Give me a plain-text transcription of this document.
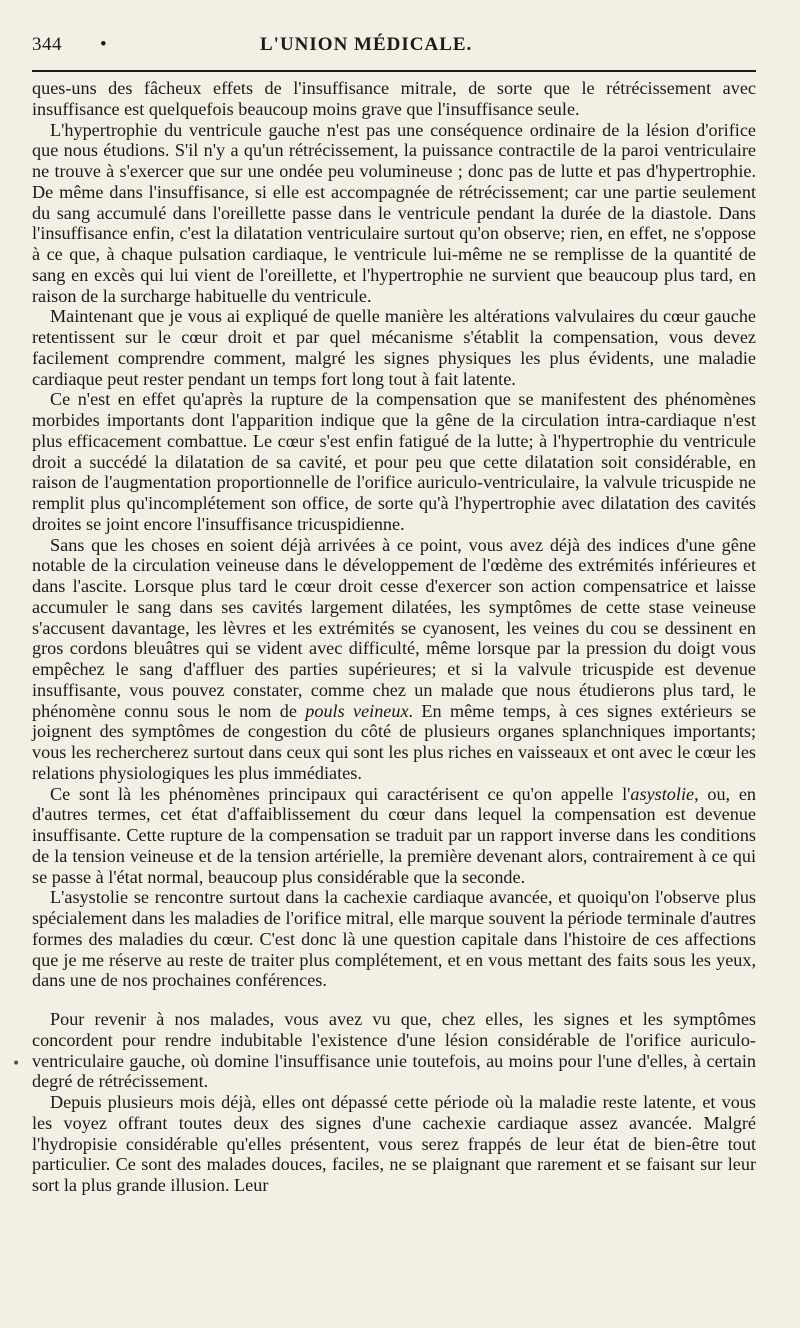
344	•	L'UNION MÉDICALE.

ques-uns des fâcheux effets de l'insuffisance mitrale, de sorte que le rétrécissement avec insuffisance est quelquefois beaucoup moins grave que l'insuffisance seule.

L'hypertrophie du ventricule gauche n'est pas une conséquence ordinaire de la lésion d'orifice que nous étudions. S'il n'y a qu'un rétrécissement, la puissance contractile de la paroi ventriculaire ne trouve à s'exercer que sur une ondée peu volumineuse ; donc pas de lutte et pas d'hypertrophie. De même dans l'insuffisance, si elle est accompagnée de rétrécissement; car une partie seulement du sang accumulé dans l'oreillette passe dans le ventricule pendant la durée de la diastole. Dans l'insuffisance enfin, c'est la dilatation ventriculaire surtout qu'on observe; rien, en effet, ne s'oppose à ce que, à chaque pulsation cardiaque, le ventricule lui-même ne se remplisse de la quantité de sang en excès qui lui vient de l'oreillette, et l'hypertrophie ne survient que beaucoup plus tard, en raison de la surcharge habituelle du ventricule.

Maintenant que je vous ai expliqué de quelle manière les altérations valvulaires du cœur gauche retentissent sur le cœur droit et par quel mécanisme s'établit la compensation, vous devez facilement comprendre comment, malgré les signes physiques les plus évidents, une maladie cardiaque peut rester pendant un temps fort long tout à fait latente.

Ce n'est en effet qu'après la rupture de la compensation que se manifestent des phénomènes morbides importants dont l'apparition indique que la gêne de la circulation intra-cardiaque n'est plus efficacement combattue. Le cœur s'est enfin fatigué de la lutte; à l'hypertrophie du ventricule droit a succédé la dilatation de sa cavité, et pour peu que cette dilatation soit considérable, en raison de l'augmentation proportionnelle de l'orifice auriculo-ventriculaire, la valvule tricuspide ne remplit plus qu'incomplétement son office, de sorte qu'à l'hypertrophie avec dilatation des cavités droites se joint encore l'insuffisance tricuspidienne.

Sans que les choses en soient déjà arrivées à ce point, vous avez déjà des indices d'une gêne notable de la circulation veineuse dans le développement de l'œdème des extrémités inférieures et dans l'ascite. Lorsque plus tard le cœur droit cesse d'exercer son action compensatrice et laisse accumuler le sang dans ses cavités largement dilatées, les symptômes de cette stase veineuse s'accusent davantage, les lèvres et les extrémités se cyanosent, les veines du cou se dessinent en gros cordons bleuâtres qui se vident avec difficulté, même lorsque par la pression du doigt vous empêchez le sang d'affluer des parties supérieures; et si la valvule tricuspide est devenue insuffisante, vous pouvez constater, comme chez un malade que nous étudierons plus tard, le phénomène connu sous le nom de pouls veineux. En même temps, à ces signes extérieurs se joignent des symptômes de congestion du côté de plusieurs organes splanchniques importants; vous les rechercherez surtout dans ceux qui sont les plus riches en vaisseaux et ont avec le cœur les relations physiologiques les plus immédiates.

Ce sont là les phénomènes principaux qui caractérisent ce qu'on appelle l'asystolie, ou, en d'autres termes, cet état d'affaiblissement du cœur dans lequel la compensation est devenue insuffisante. Cette rupture de la compensation se traduit par un rapport inverse dans les conditions de la tension veineuse et de la tension artérielle, la première devenant alors, contrairement à ce qui se passe à l'état normal, beaucoup plus considérable que la seconde.

L'asystolie se rencontre surtout dans la cachexie cardiaque avancée, et quoiqu'on l'observe plus spécialement dans les maladies de l'orifice mitral, elle marque souvent la période terminale d'autres formes des maladies du cœur. C'est donc là une question capitale dans l'histoire de ces affections que je me réserve au reste de traiter plus complétement, et en vous mettant des faits sous les yeux, dans une de nos prochaines conférences.

Pour revenir à nos malades, vous avez vu que, chez elles, les signes et les symptômes concordent pour rendre indubitable l'existence d'une lésion considérable de l'orifice auriculo-ventriculaire gauche, où domine l'insuffisance unie toutefois, au moins pour l'une d'elles, à certain degré de rétrécissement.

Depuis plusieurs mois déjà, elles ont dépassé cette période où la maladie reste latente, et vous les voyez offrant toutes deux des signes d'une cachexie cardiaque assez avancée. Malgré l'hydropisie considérable qu'elles présentent, vous serez frappés de leur état de bien-être tout particulier. Ce sont des malades douces, faciles, ne se plaignant que rarement et se faisant sur leur sort la plus grande illusion. Leur

•
